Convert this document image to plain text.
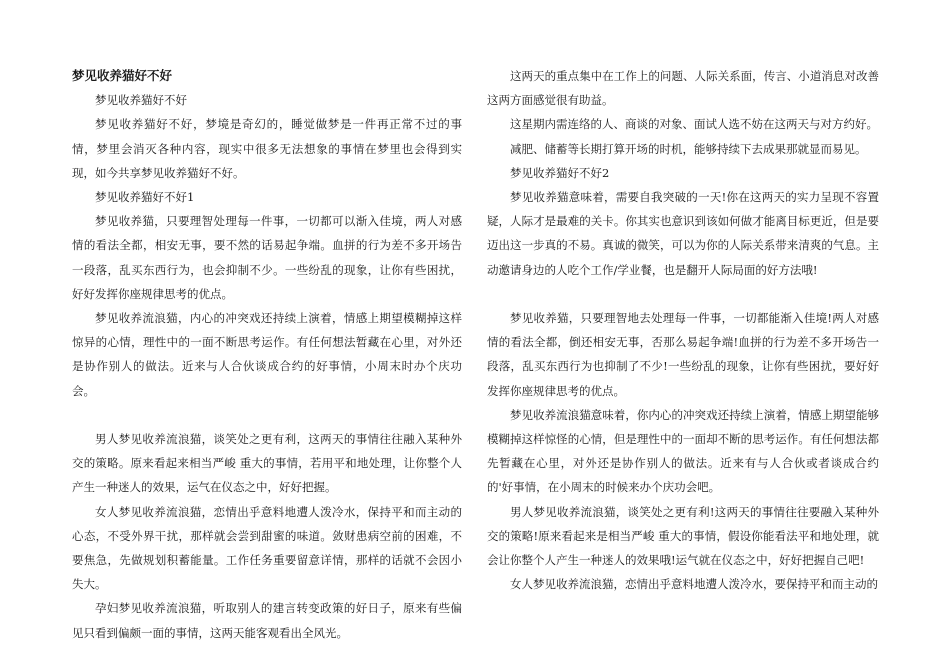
梦见收养猫好不好

梦见收养猫好不好

梦见收养猫好不好，梦境是奇幻的，睡觉做梦是一件再正常不过的事情，梦里会消灭各种内容，现实中很多无法想象的事情在梦里也会得到实现，如今共享梦见收养猫好不好。

梦见收养猫好不好1

梦见收养猫，只要理智处理每一件事，一切都可以渐入佳境，两人对感情的看法全都，相安无事，要不然的话易起争端。血拼的行为差不多开场告一段落，乱买东西行为，也会抑制不少。一些纷乱的现象，让你有些困扰，好好发挥你座规律思考的优点。

梦见收养流浪猫，内心的冲突戏还持续上演着，情感上期望模糊掉这样惊异的心情，理性中的一面不断思考运作。有任何想法暂藏在心里，对外还是协作别人的做法。近来与人合伙谈成合约的好事情，小周末时办个庆功会。

男人梦见收养流浪猫，谈笑处之更有利，这两天的事情往往融入某种外交的策略。原来看起来相当严峻 重大的事情，若用平和地处理，让你整个人产生一种迷人的效果，运气在仪态之中，好好把握。

女人梦见收养流浪猫，恋情出乎意料地遭人泼冷水，保持平和而主动的心态，不受外界干扰，那样就会尝到甜蜜的味道。敛财患病空前的困难，不要焦急，先做规划积蓄能量。工作任务重要留意详情，那样的话就不会因小失大。

孕妇梦见收养流浪猫，听取别人的建言转变政策的好日子，原来有些偏见只看到偏颇一面的事情，这两天能客观看出全风光。

这两天的重点集中在工作上的问题、人际关系面，传言、小道消息对改善这两方面感觉很有助益。

这星期内需连络的人、商谈的对象、面试人选不妨在这两天与对方约好。

减肥、储蓄等长期打算开场的时机，能够持续下去成果那就显而易见。

梦见收养猫好不好2

梦见收养猫意味着，需要自我突破的一天!你在这两天的实力呈现不容置疑，人际才是最难的关卡。你其实也意识到该如何做才能离目标更近，但是要迈出这一步真的不易。真诚的微笑，可以为你的人际关系带来清爽的气息。主动邀请身边的人吃个工作/学业餐，也是翻开人际局面的好方法哦!

梦见收养猫，只要理智地去处理每一件事，一切都能渐入佳境!两人对感情的看法全都，倒还相安无事，否那么易起争端!血拼的行为差不多开场告一段落，乱买东西行为也抑制了不少!一些纷乱的现象，让你有些困扰，要好好发挥你座规律思考的优点。

梦见收养流浪猫意味着，你内心的冲突戏还持续上演着，情感上期望能够模糊掉这样惊怪的心情，但是理性中的一面却不断的思考运作。有任何想法都先暂藏在心里，对外还是协作别人的做法。近来有与人合伙或者谈成合约的'好事情，在小周末的时候来办个庆功会吧。

男人梦见收养流浪猫，谈笑处之更有利!这两天的事情往往要融入某种外交的策略!原来看起来是相当严峻 重大的事情，假设你能看法平和地处理，就会让你整个人产生一种迷人的效果哦!运气就在仪态之中，好好把握自己吧!

女人梦见收养流浪猫，恋情出乎意料地遭人泼冷水，要保持平和而主动的
